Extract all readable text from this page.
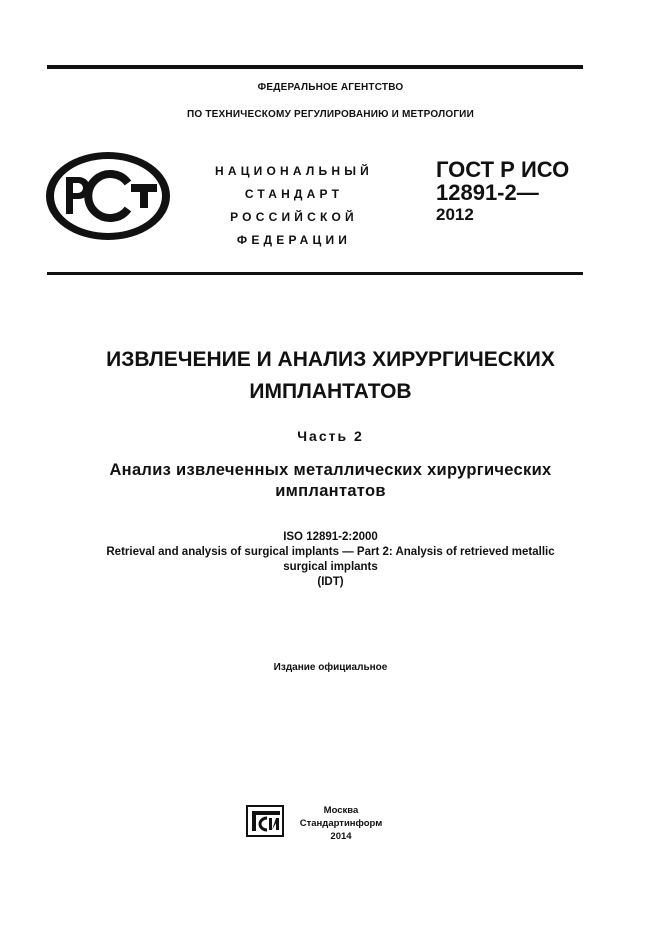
ФЕДЕРАЛЬНОЕ АГЕНТСТВО
ПО ТЕХНИЧЕСКОМУ РЕГУЛИРОВАНИЮ И МЕТРОЛОГИИ
НАЦИОНАЛЬНЫЙ
СТАНДАРТ
РОССИЙСКОЙ
ФЕДЕРАЦИИ
ГОСТ Р ИСО
12891-2—
2012
ИЗВЛЕЧЕНИЕ И АНАЛИЗ ХИРУРГИЧЕСКИХ
ИМПЛАНТАТОВ
Часть 2
Анализ извлеченных металлических хирургических
имплантатов
ISO 12891-2:2000
Retrieval and analysis of surgical implants — Part 2: Analysis of retrieved metallic
surgical implants
(IDT)
Издание официальное
Москва
Стандартинформ
2014
